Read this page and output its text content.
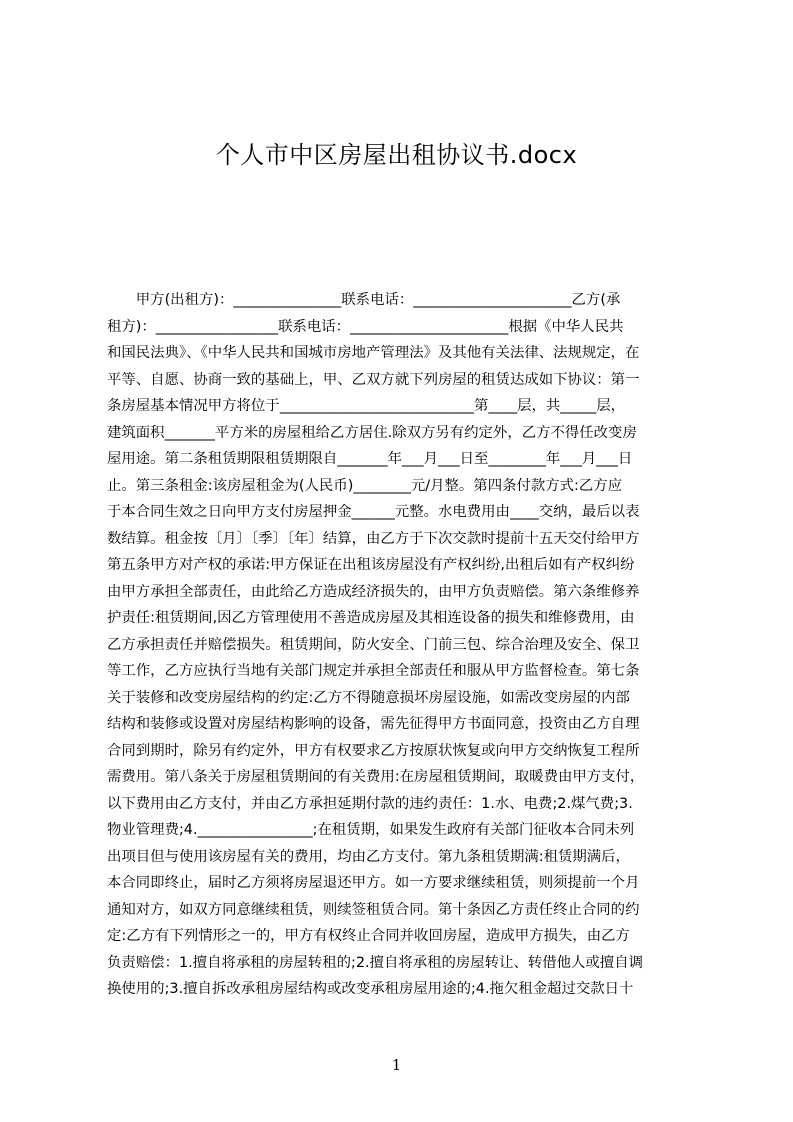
个人市中区房屋出租协议书.docx
　　甲方(出租方)：_______________联系电话：______________________乙方(承
租方)：_________________联系电话：______________________根据《中华人民共
和国民法典》、《中华人民共和国城市房地产管理法》及其他有关法律、法规规定，在
平等、自愿、协商一致的基础上，甲、乙双方就下列房屋的租赁达成如下协议：第一
条房屋基本情况甲方将位于___________________________第____层，共_____层，
建筑面积_______平方米的房屋租给乙方居住.除双方另有约定外，乙方不得任改变房
屋用途。第二条租赁期限租赁期限自_______年___月___日至________年___月___日
止。第三条租金:该房屋租金为(人民币)________元/月整。第四条付款方式:乙方应
于本合同生效之日向甲方支付房屋押金______元整。水电费用由____交纳，最后以表
数结算。租金按〔月〕〔季〕〔年〕结算，由乙方于下次交款时提前十五天交付给甲方
第五条甲方对产权的承诺:甲方保证在出租该房屋没有产权纠纷,出租后如有产权纠纷
由甲方承担全部责任，由此给乙方造成经济损失的，由甲方负责赔偿。第六条维修养
护责任:租赁期间,因乙方管理使用不善造成房屋及其相连设备的损失和维修费用，由
乙方承担责任并赔偿损失。租赁期间，防火安全、门前三包、综合治理及安全、保卫
等工作，乙方应执行当地有关部门规定并承担全部责任和服从甲方监督检查。第七条
关于装修和改变房屋结构的约定:乙方不得随意损坏房屋设施，如需改变房屋的内部
结构和装修或设置对房屋结构影响的设备，需先征得甲方书面同意，投资由乙方自理
合同到期时，除另有约定外，甲方有权要求乙方按原状恢复或向甲方交纳恢复工程所
需费用。第八条关于房屋租赁期间的有关费用:在房屋租赁期间，取暖费由甲方支付，
以下费用由乙方支付，并由乙方承担延期付款的违约责任：1.水、电费;2.煤气费;3.
物业管理费;4.________________;在租赁期，如果发生政府有关部门征收本合同未列
出项目但与使用该房屋有关的费用，均由乙方支付。第九条租赁期满:租赁期满后，
本合同即终止，届时乙方须将房屋退还甲方。如一方要求继续租赁，则须提前一个月
通知对方，如双方同意继续租赁，则续签租赁合同。第十条因乙方责任终止合同的约
定:乙方有下列情形之一的，甲方有权终止合同并收回房屋，造成甲方损失，由乙方
负责赔偿：1.擅自将承租的房屋转租的;2.擅自将承租的房屋转让、转借他人或擅自调
换使用的;3.擅自拆改承租房屋结构或改变承租房屋用途的;4.拖欠租金超过交款日十
1
